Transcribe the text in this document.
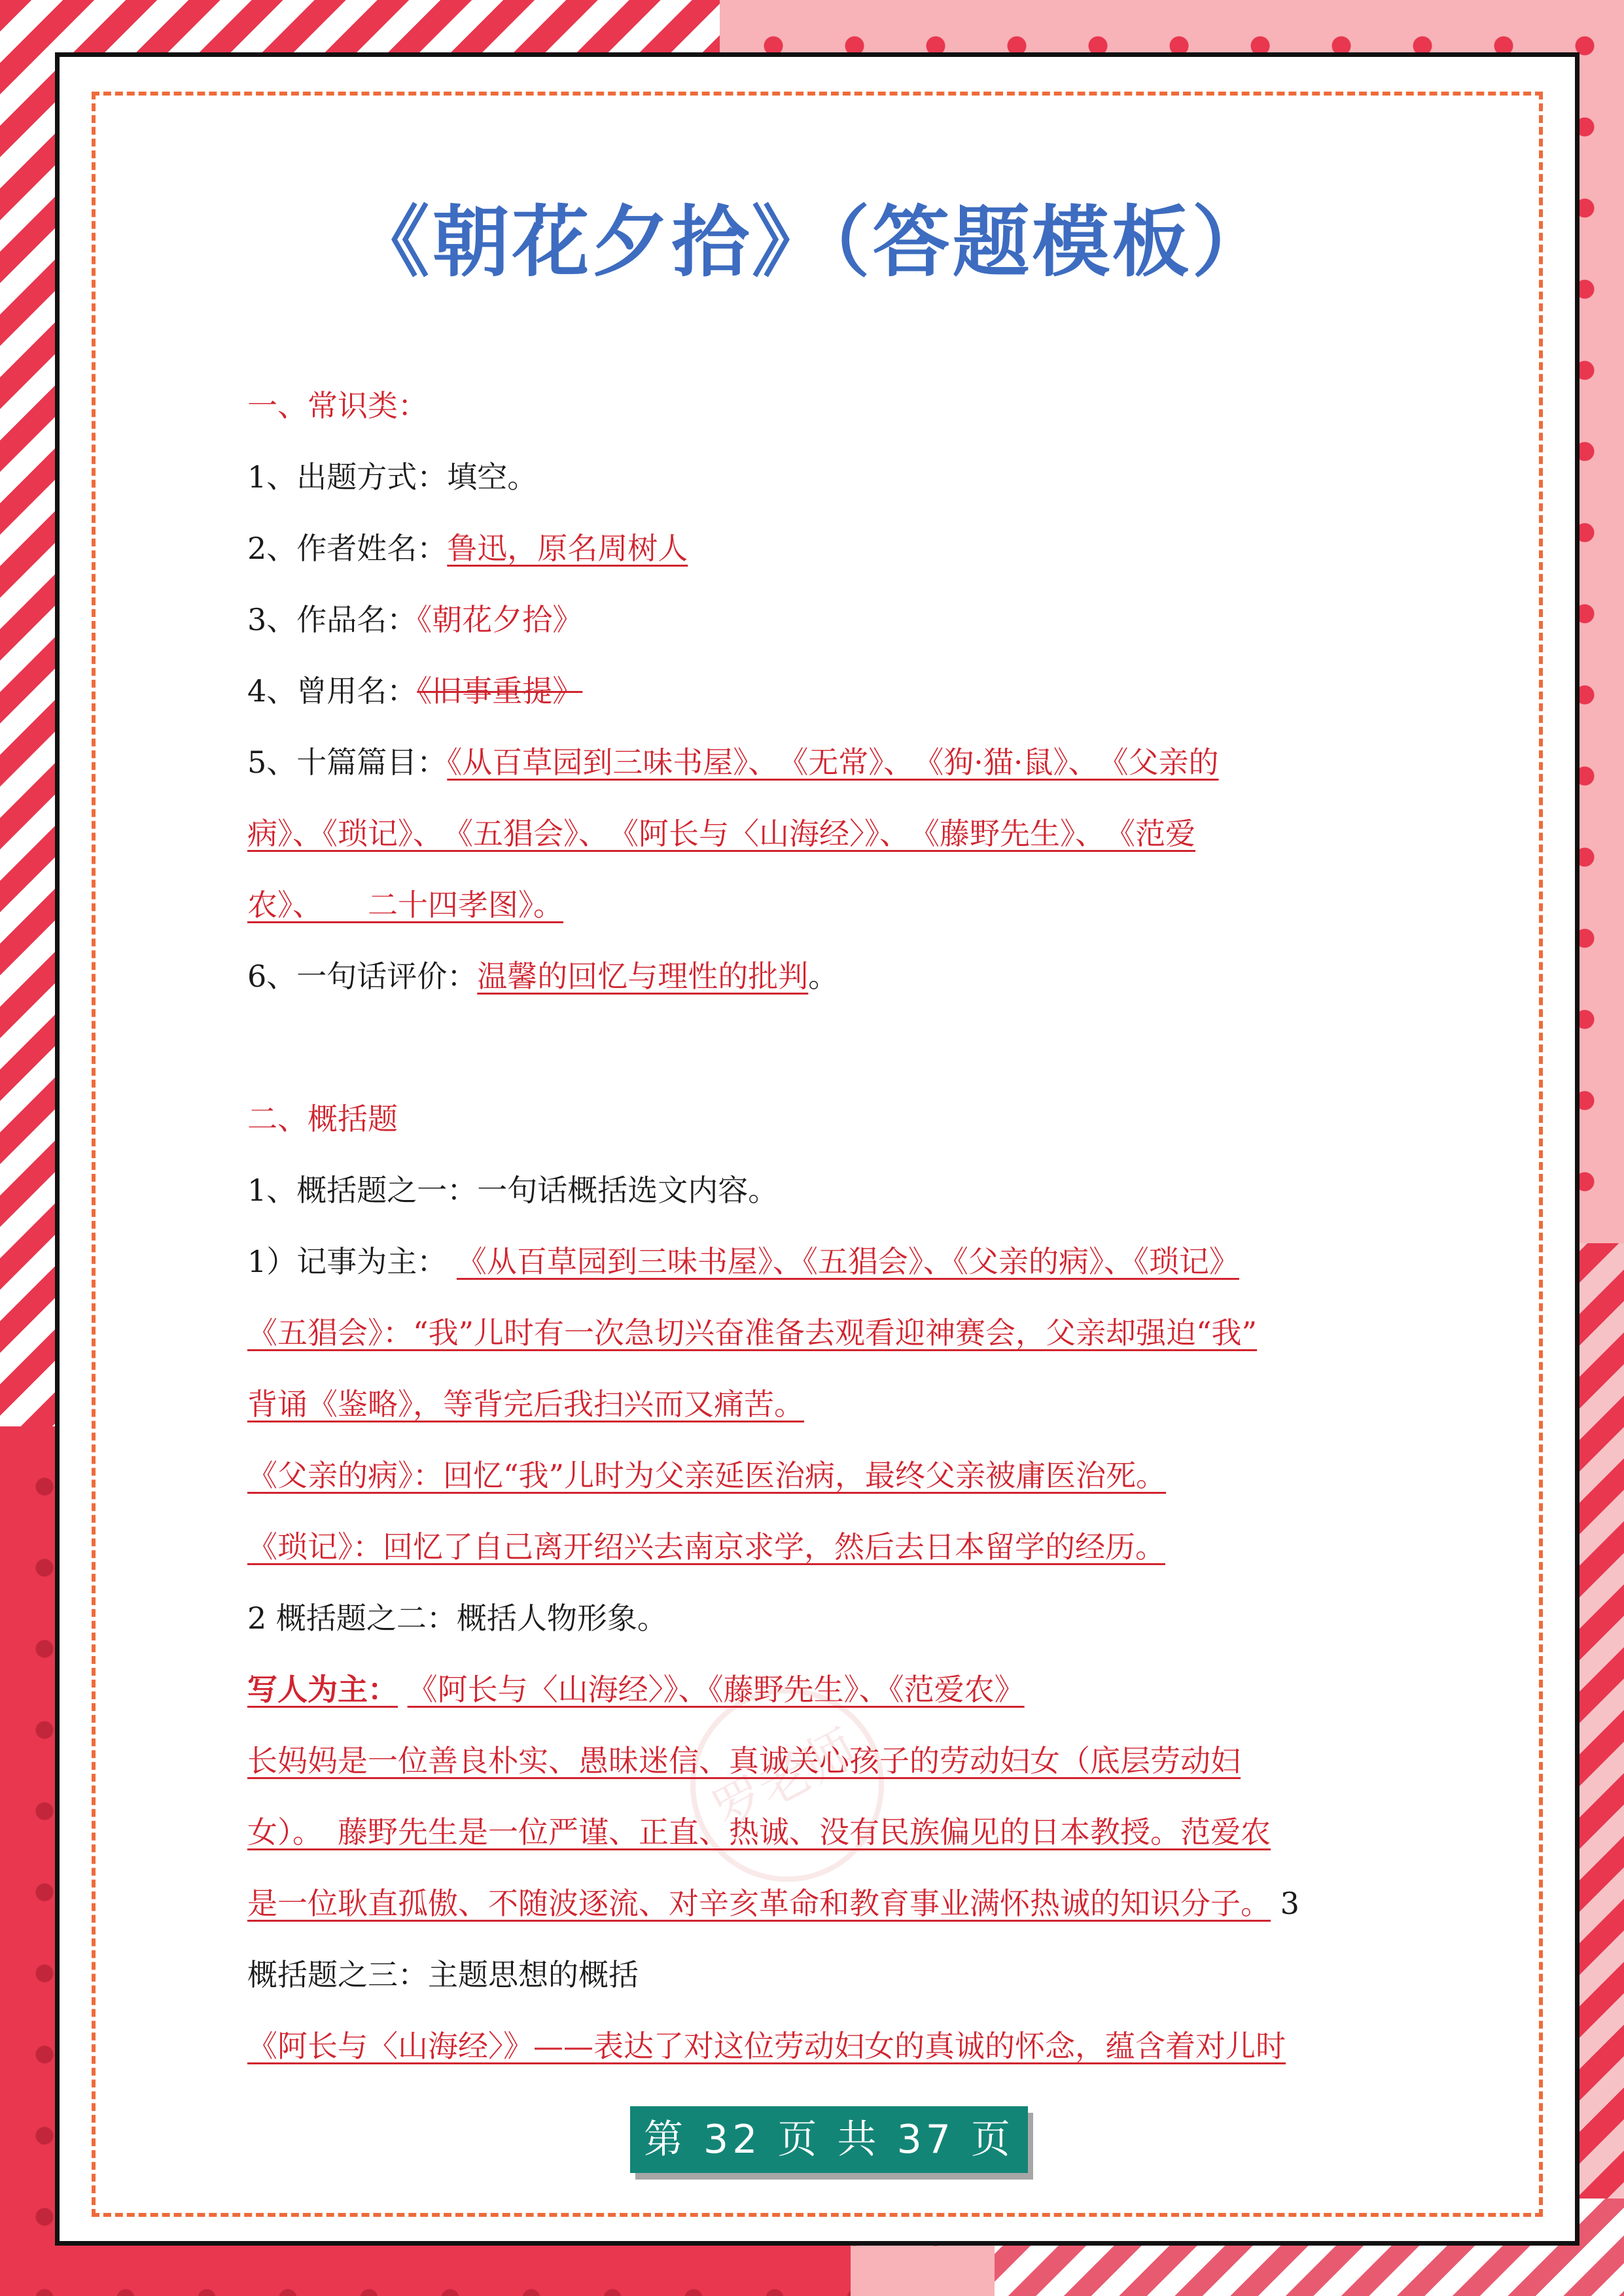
《朝花夕拾》（答题模板）
罗老师
一、常识类：
1、出题方式：填空。
2、作者姓名：鲁迅，原名周树人
3、作品名：《朝花夕拾》
4、曾用名：《旧事重提》
5、十篇篇目：《从百草园到三味书屋》、　《无常》、　《狗·猫·鼠》、　《父亲的
病》、《琐记》、　《五猖会》、　《阿长与〈山海经〉》、　《藤野先生》、　《范爱
农》、　　二十四孝图》。
6、一句话评价：温馨的回忆与理性的批判。
二、概括题
1、概括题之一：一句话概括选文内容。
1）记事为主： 《从百草园到三味书屋》、《五猖会》、《父亲的病》、《琐记》
《五猖会》：“我”儿时有一次急切兴奋准备去观看迎神赛会，父亲却强迫“我”
背诵《鉴略》，等背完后我扫兴而又痛苦。
《父亲的病》：回忆“我”儿时为父亲延医治病，最终父亲被庸医治死。
《琐记》：回忆了自己离开绍兴去南京求学，然后去日本留学的经历。
2 概括题之二：概括人物形象。
写人为主： 《阿长与〈山海经〉》、《藤野先生》、《范爱农》
长妈妈是一位善良朴实、愚昧迷信、真诚关心孩子的劳动妇女（底层劳动妇
女）。　藤野先生是一位严谨、正直、热诚、没有民族偏见的日本教授。范爱农
是一位耿直孤傲、不随波逐流、对辛亥革命和教育事业满怀热诚的知识分子。 3
概括题之三：主题思想的概括
《阿长与〈山海经〉》——表达了对这位劳动妇女的真诚的怀念，蕴含着对儿时
第 32 页 共 37 页
